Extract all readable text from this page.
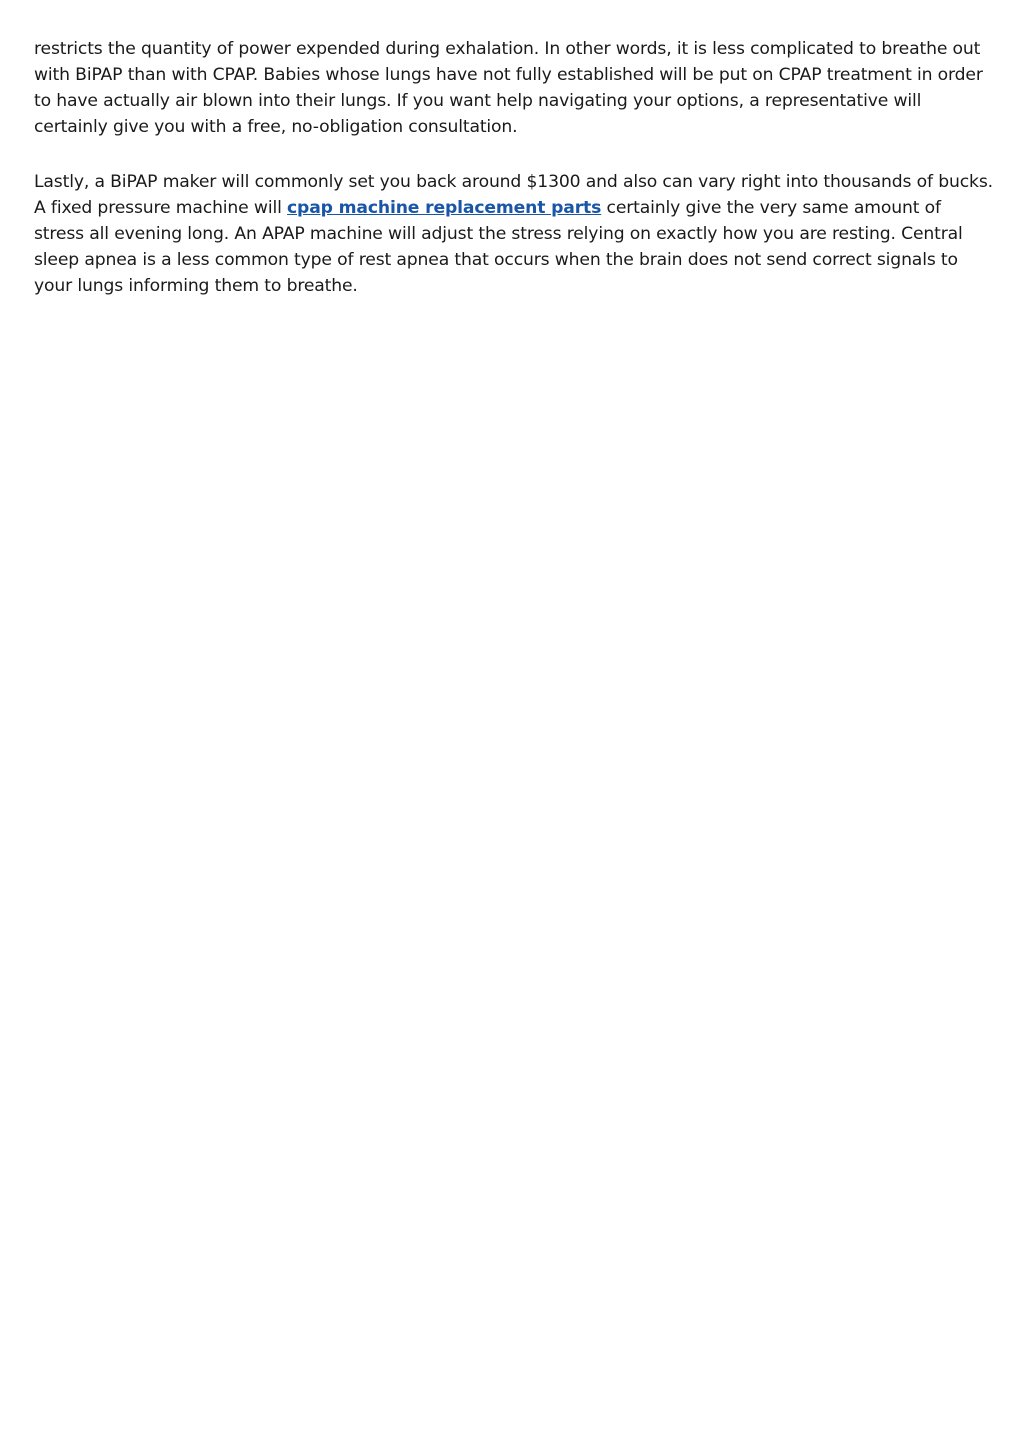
restricts the quantity of power expended during exhalation. In other words, it is less complicated to breathe out with BiPAP than with CPAP. Babies whose lungs have not fully established will be put on CPAP treatment in order to have actually air blown into their lungs. If you want help navigating your options, a representative will certainly give you with a free, no-obligation consultation.

Lastly, a BiPAP maker will commonly set you back around $1300 and also can vary right into thousands of bucks. A fixed pressure machine will cpap machine replacement parts certainly give the very same amount of stress all evening long. An APAP machine will adjust the stress relying on exactly how you are resting. Central sleep apnea is a less common type of rest apnea that occurs when the brain does not send correct signals to your lungs informing them to breathe.
